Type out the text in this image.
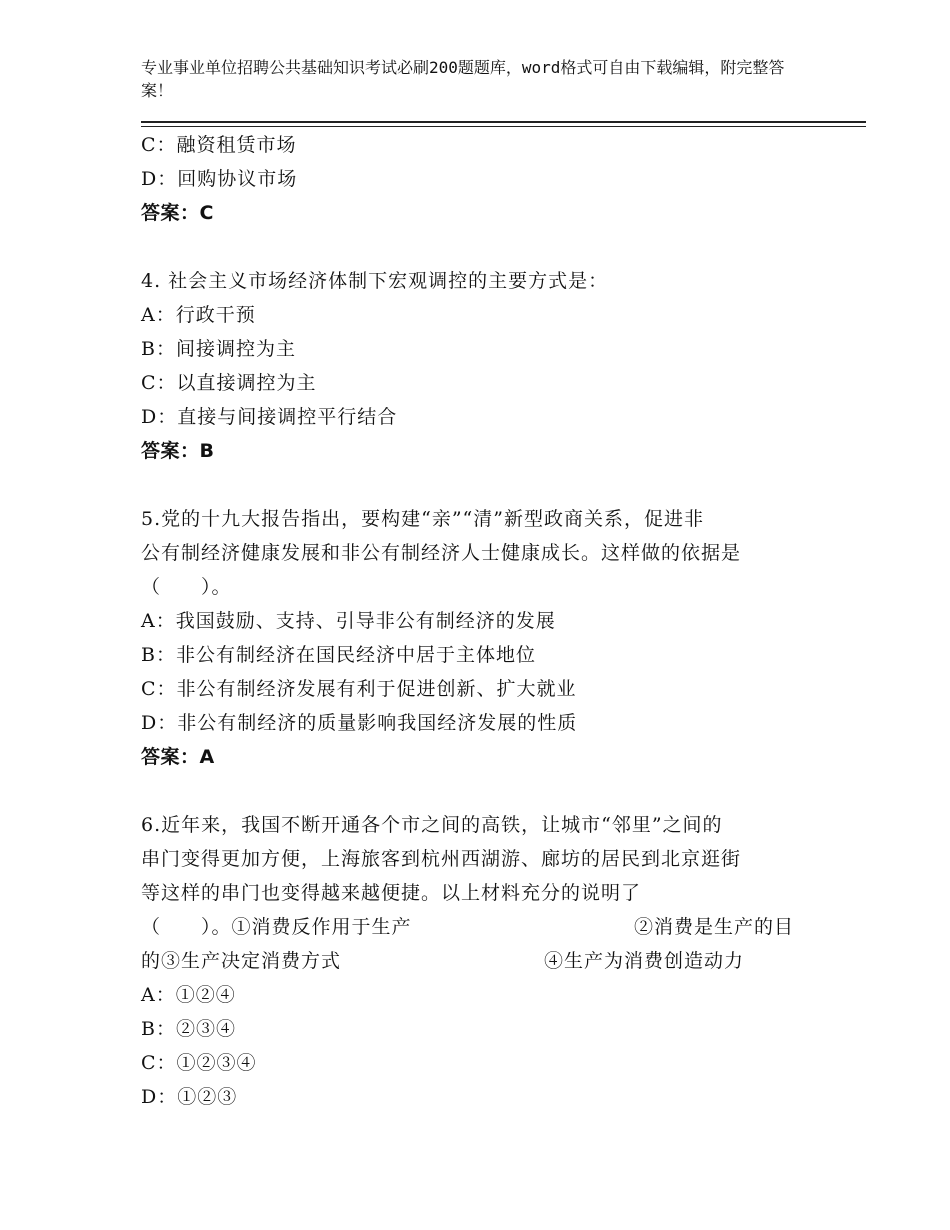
专业事业单位招聘公共基础知识考试必刷200题题库，word格式可自由下载编辑，附完整答案！
C：融资租赁市场
D：回购协议市场
答案：C
4. 社会主义市场经济体制下宏观调控的主要方式是：
A：行政干预
B：间接调控为主
C：以直接调控为主
D：直接与间接调控平行结合
答案：B
5.党的十九大报告指出，要构建“亲”“清”新型政商关系，促进非
公有制经济健康发展和非公有制经济人士健康成长。这样做的依据是
（　　）。
A：我国鼓励、支持、引导非公有制经济的发展
B：非公有制经济在国民经济中居于主体地位
C：非公有制经济发展有利于促进创新、扩大就业
D：非公有制经济的质量影响我国经济发展的性质
答案：A
6.近年来，我国不断开通各个市之间的高铁，让城市“邻里”之间的
串门变得更加方便，上海旅客到杭州西湖游、廊坊的居民到北京逛街
等这样的串门也变得越来越便捷。以上材料充分的说明了
（　　）。①消费反作用于生产	②消费是生产的目
的③生产决定消费方式	④生产为消费创造动力
A：①②④
B：②③④
C：①②③④
D：①②③
